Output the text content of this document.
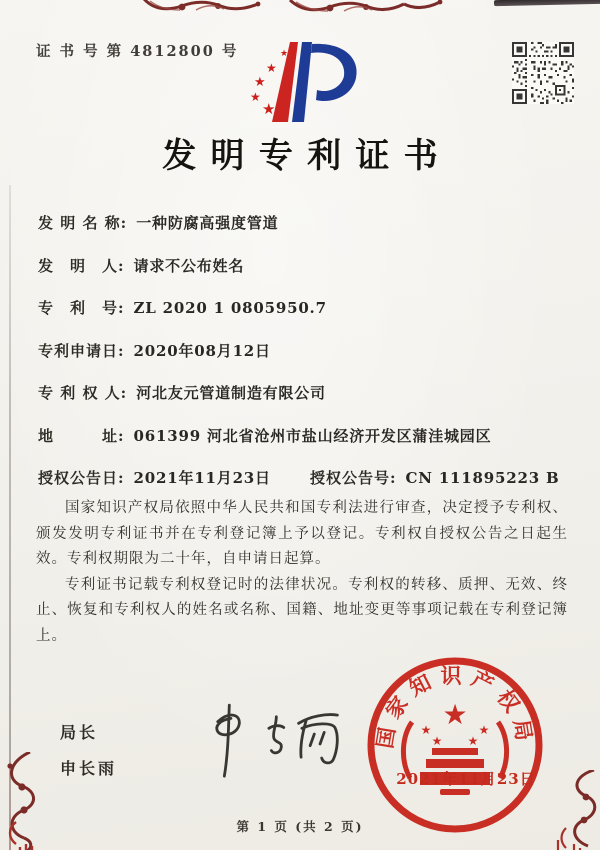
证 书 号 第 4812800 号	★
★
★
★
★
发明专利证书
发 明 名 称: 一种防腐高强度管道
发　明　人: 请求不公布姓名
专　利　号: ZL 2020 1 0805950.7
专利申请日: 2020年08月12日
专 利 权 人: 河北友元管道制造有限公司
地　　　址: 061399 河北省沧州市盐山经济开发区蒲洼城园区
授权公告日: 2021年11月23日	授权公告号: CN 111895223 B

国家知识产权局依照中华人民共和国专利法进行审查，决定授予专利权、颁发发明专利证书并在专利登记簿上予以登记。专利权自授权公告之日起生效。专利权期限为二十年，自申请日起算。

专利证书记载专利权登记时的法律状况。专利权的转移、质押、无效、终止、恢复和专利权人的姓名或名称、国籍、地址变更等事项记载在专利登记簿上。

局长
申长雨
国家知识产权局
★
★
★
★
★
2021年11月23日
第 1 页 (共 2 页)
